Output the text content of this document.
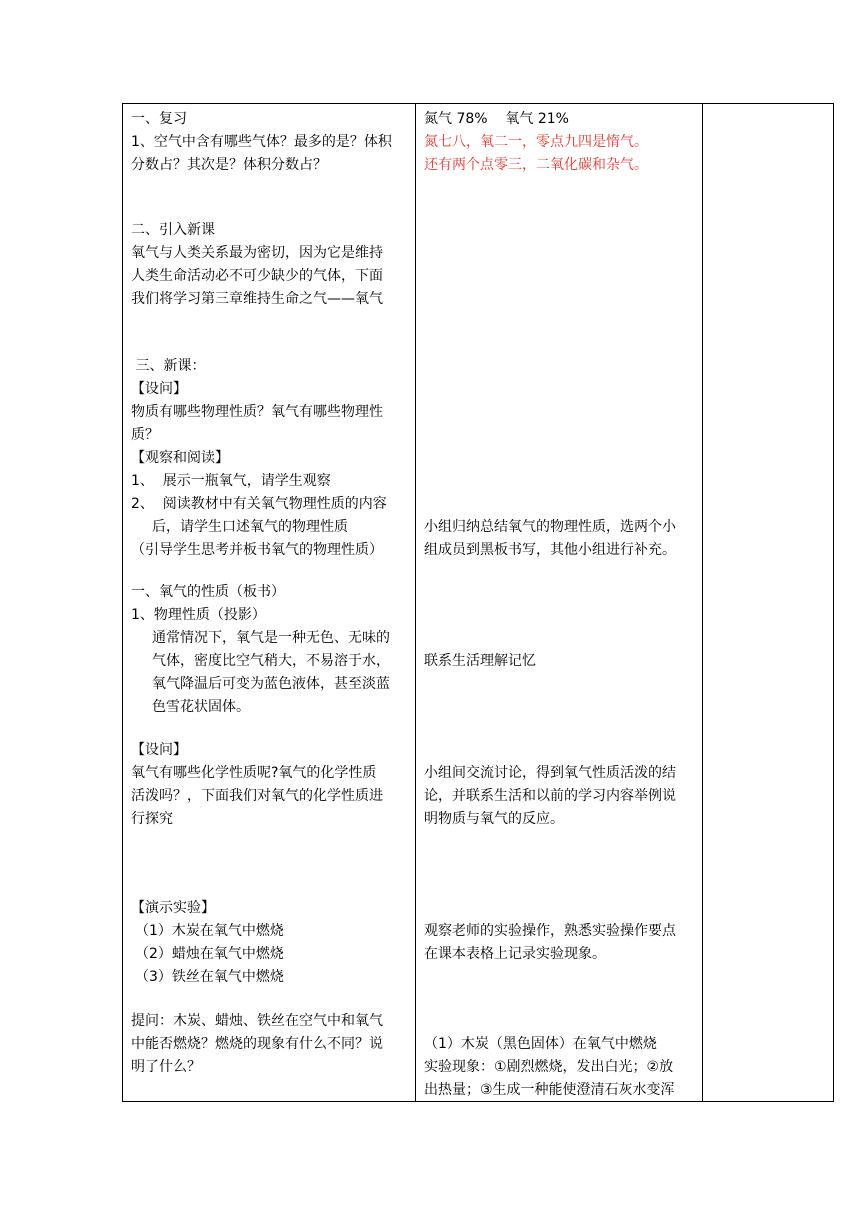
一、复习
1、空气中含有哪些气体？最多的是？体积
分数占？其次是？体积分数占？
二、引入新课
氧气与人类关系最为密切，因为它是维持
人类生命活动必不可少缺少的气体，下面
我们将学习第三章维持生命之气——氧气
三、新课：
【设问】
物质有哪些物理性质？氧气有哪些物理性
质？
【观察和阅读】
1、  展示一瓶氧气，请学生观察
2、  阅读教材中有关氧气物理性质的内容
后，请学生口述氧气的物理性质
（引导学生思考并板书氧气的物理性质）
一、氧气的性质（板书）
1、物理性质（投影）
通常情况下，氧气是一种无色、无味的
气体，密度比空气稍大，不易溶于水，
氧气降温后可变为蓝色液体，甚至淡蓝
色雪花状固体。
【设问】
氧气有哪些化学性质呢?氧气的化学性质
活泼吗？，下面我们对氧气的化学性质进
行探究
【演示实验】
（1）木炭在氧气中燃烧
（2）蜡烛在氧气中燃烧
（3）铁丝在氧气中燃烧
提问：木炭、蜡烛、铁丝在空气中和氧气
中能否燃烧？燃烧的现象有什么不同？说
明了什么？
氮气 78%    氧气 21%
氮七八，氧二一，零点九四是惰气。
还有两个点零三，二氧化碳和杂气。
小组归纳总结氧气的物理性质，选两个小
组成员到黑板书写，其他小组进行补充。
联系生活理解记忆
小组间交流讨论，得到氧气性质活泼的结
论，并联系生活和以前的学习内容举例说
明物质与氧气的反应。
观察老师的实验操作，熟悉实验操作要点
在课本表格上记录实验现象。
（1）木炭（黑色固体）在氧气中燃烧
实验现象：①剧烈燃烧，发出白光；②放
出热量；③生成一种能使澄清石灰水变浑
